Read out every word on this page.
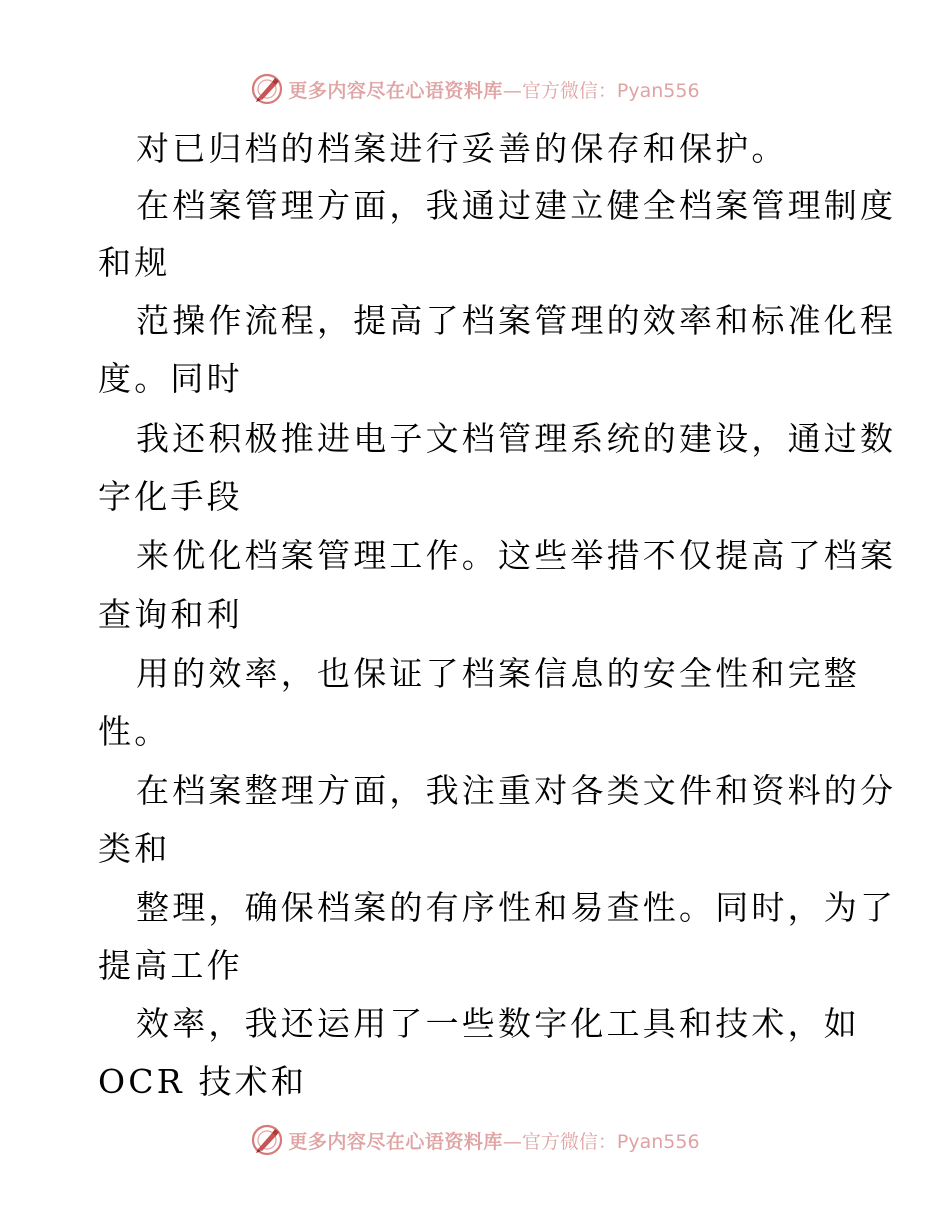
更多内容尽在心语资料库 —官方微信：Pyan556
对已归档的档案进行妥善的保存和保护。
在档案管理方面，我通过建立健全档案管理制度
和规
范操作流程，提高了档案管理的效率和标准化程
度。同时
我还积极推进电子文档管理系统的建设，通过数
字化手段
来优化档案管理工作。这些举措不仅提高了档案
查询和利
用的效率，也保证了档案信息的安全性和完整
性。
在档案整理方面，我注重对各类文件和资料的分
类和
整理，确保档案的有序性和易查性。同时，为了
提高工作
效率，我还运用了一些数字化工具和技术，如
OCR 技术和
更多内容尽在心语资料库 —官方微信：Pyan556
